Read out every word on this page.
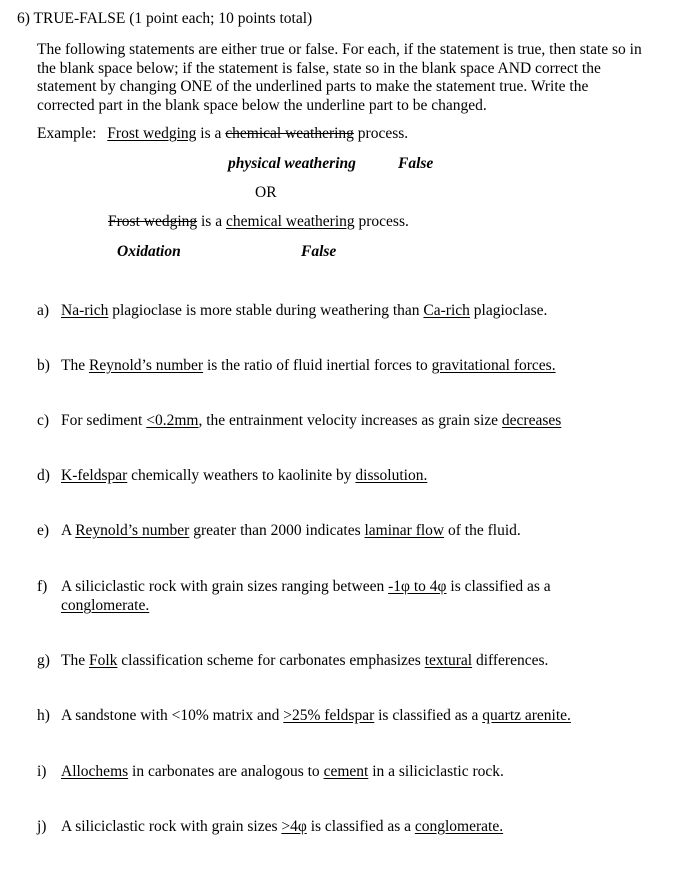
6) TRUE-FALSE (1 point each; 10 points total)
The following statements are either true or false. For each, if the statement is true, then state so in the blank space below; if the statement is false, state so in the blank space AND correct the statement by changing ONE of the underlined parts to make the statement true. Write the corrected part in the blank space below the underline part to be changed.
Example: Frost wedging is a chemical weathering process.
physical weathering	False
OR
Frost wedging is a chemical weathering process.
Oxidation	False
a) Na-rich plagioclase is more stable during weathering than Ca-rich plagioclase.
b) The Reynold’s number is the ratio of fluid inertial forces to gravitational forces.
c) For sediment <0.2mm, the entrainment velocity increases as grain size decreases
d) K-feldspar chemically weathers to kaolinite by dissolution.
e) A Reynold’s number greater than 2000 indicates laminar flow of the fluid.
f) A siliciclastic rock with grain sizes ranging between -1φ to 4φ is classified as a
conglomerate.
g) The Folk classification scheme for carbonates emphasizes textural differences.
h) A sandstone with <10% matrix and >25% feldspar is classified as a quartz arenite.
i) Allochems in carbonates are analogous to cement in a siliciclastic rock.
j) A siliciclastic rock with grain sizes >4φ is classified as a conglomerate.
